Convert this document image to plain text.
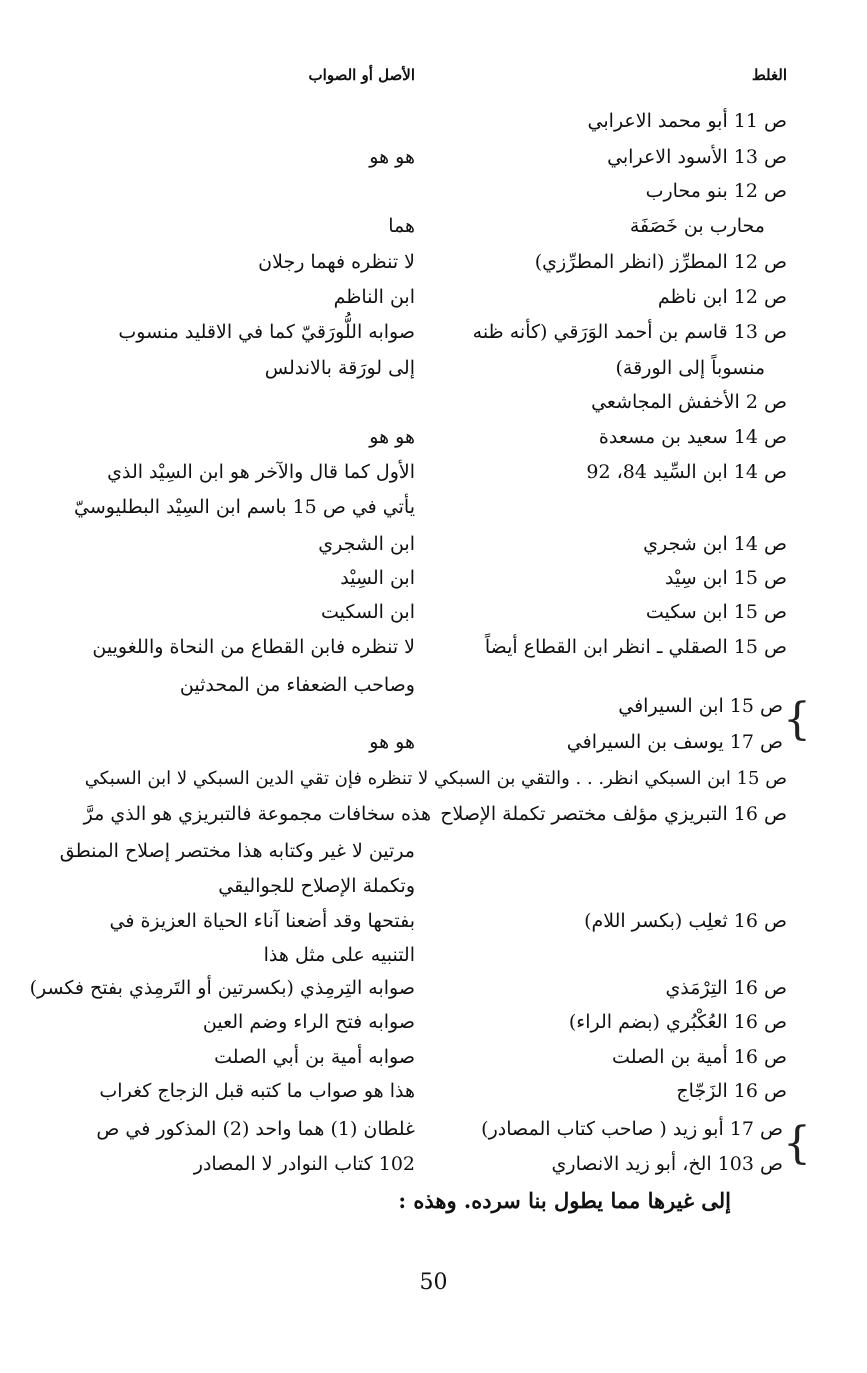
الغلط
الأصل أو الصواب
ص 11 أبو محمد الاعرابي
ص 13 الأسود الاعرابي
هو هو
ص 12 بنو محارب
محارب بن خَصَفَة
هما
ص 12 المطرِّز (انظر المطرِّزي)
لا تنظره فهما رجلان
ص 12 ابن ناظم
ابن الناظم
ص 13 قاسم بن أحمد الوَرَقي (كأنه ظنه
صوابه اللُّورَقيّ كما في الاقليد منسوب
منسوباً إلى الورقة)
إلى لورَقة بالاندلس
ص 2 الأخفش المجاشعي
ص 14 سعيد بن مسعدة
هو هو
ص 14 ابن السِّيد 84، 92
الأول كما قال والآخر هو ابن السِيْد الذي
يأتي في ص 15 باسم ابن السِيْد البطليوسيّ
ص 14 ابن شجري
ابن الشجري
ص 15 ابن سِيْد
ابن السِيْد
ص 15 ابن سكيت
ابن السكيت
ص 15 الصقلي ـ انظر ابن القطاع أيضاً
لا تنظره فابن القطاع من النحاة واللغويين
وصاحب الضعفاء من المحدثين
ص 15 ابن السيرافي
ص 17 يوسف بن السيرافي
هو هو	{
ص 15 ابن السبكي انظر. . . والتقي بن السبكي لا تنظره فإن تقي الدين السبكي لا ابن السبكي
ص 16 التبريزي مؤلف مختصر تكملة الإصلاح
هذه سخافات مجموعة فالتبريزي هو الذي مرَّ
مرتين لا غير وكتابه هذا مختصر إصلاح المنطق
وتكملة الإصلاح للجواليقي
ص 16 ثعلِب (بكسر اللام)
بفتحها وقد أضعنا آناء الحياة العزيزة في
التنبيه على مثل هذا
ص 16 التِرْمَذي
صوابه التِرمِذي (بكسرتين أو التَرمِذي بفتح فكسر)
ص 16 العُكْبُري (بضم الراء)
صوابه فتح الراء وضم العين
ص 16 أمية بن الصلت
صوابه أمية بن أبي الصلت
ص 16 الزَجّاج
هذا هو صواب ما كتبه قبل الزجاج كغراب
ص 17 أبو زيد ( صاحب كتاب المصادر)
غلطان (1) هما واحد (2) المذكور في ص
ص 103 الخ، أبو زيد الانصاري
102 كتاب النوادر لا المصادر	{
إلى غيرها مما يطول بنا سرده. وهذه :
50
